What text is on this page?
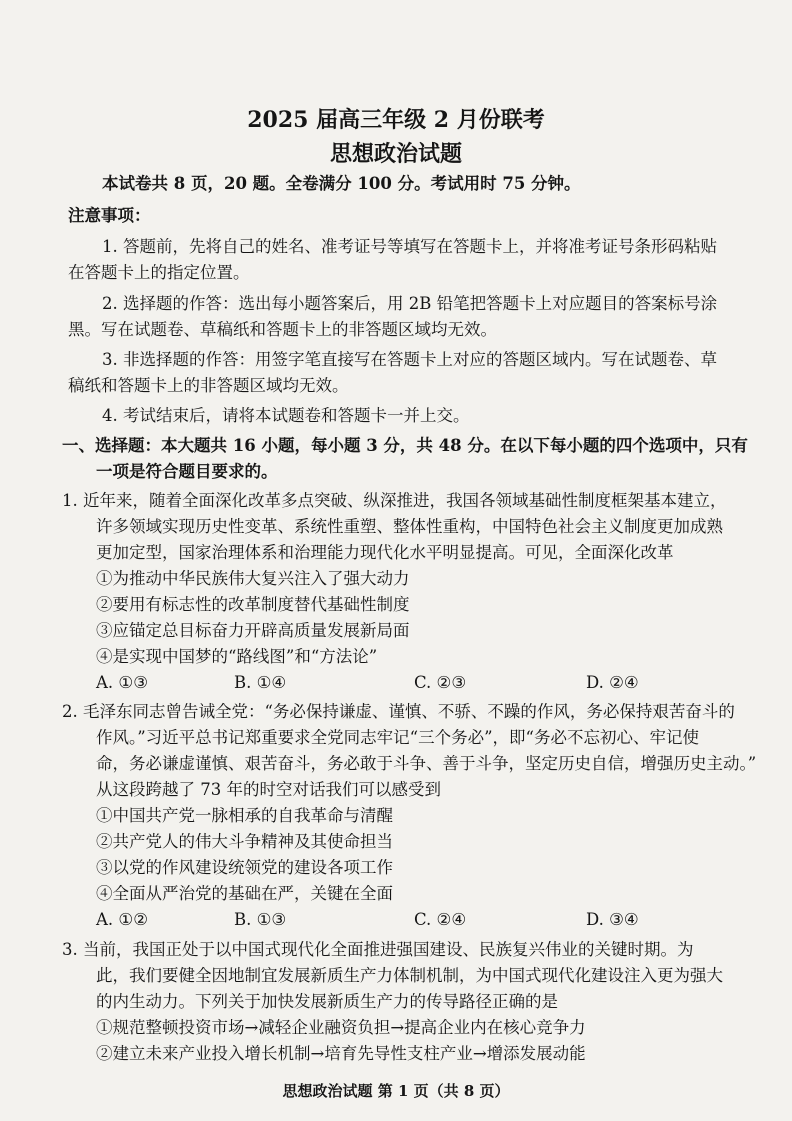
2025 届高三年级 2 月份联考
思想政治试题
本试卷共 8 页，20 题。全卷满分 100 分。考试用时 75 分钟。
注意事项：
1. 答题前，先将自己的姓名、准考证号等填写在答题卡上，并将准考证号条形码粘贴
在答题卡上的指定位置。
2. 选择题的作答：选出每小题答案后，用 2B 铅笔把答题卡上对应题目的答案标号涂
黑。写在试题卷、草稿纸和答题卡上的非答题区域均无效。
3. 非选择题的作答：用签字笔直接写在答题卡上对应的答题区域内。写在试题卷、草
稿纸和答题卡上的非答题区域均无效。
4. 考试结束后，请将本试题卷和答题卡一并上交。
一、选择题：本大题共 16 小题，每小题 3 分，共 48 分。在以下每小题的四个选项中，只有
一项是符合题目要求的。
1. 近年来，随着全面深化改革多点突破、纵深推进，我国各领域基础性制度框架基本建立，
许多领域实现历史性变革、系统性重塑、整体性重构，中国特色社会主义制度更加成熟
更加定型，国家治理体系和治理能力现代化水平明显提高。可见，全面深化改革
①为推动中华民族伟大复兴注入了强大动力
②要用有标志性的改革制度替代基础性制度
③应锚定总目标奋力开辟高质量发展新局面
④是实现中国梦的“路线图”和“方法论”
A. ①③	B. ①④	C. ②③	D. ②④
2. 毛泽东同志曾告诫全党：“务必保持谦虚、谨慎、不骄、不躁的作风，务必保持艰苦奋斗的
作风。”习近平总书记郑重要求全党同志牢记“三个务必”，即“务必不忘初心、牢记使
命，务必谦虚谨慎、艰苦奋斗，务必敢于斗争、善于斗争，坚定历史自信，增强历史主动。”
从这段跨越了 73 年的时空对话我们可以感受到
①中国共产党一脉相承的自我革命与清醒
②共产党人的伟大斗争精神及其使命担当
③以党的作风建设统领党的建设各项工作
④全面从严治党的基础在严，关键在全面
A. ①②	B. ①③	C. ②④	D. ③④
3. 当前，我国正处于以中国式现代化全面推进强国建设、民族复兴伟业的关键时期。为
此，我们要健全因地制宜发展新质生产力体制机制，为中国式现代化建设注入更为强大
的内生动力。下列关于加快发展新质生产力的传导路径正确的是
①规范整顿投资市场→减轻企业融资负担→提高企业内在核心竞争力
②建立未来产业投入增长机制→培育先导性支柱产业→增添发展动能
思想政治试题 第 1 页（共 8 页）
